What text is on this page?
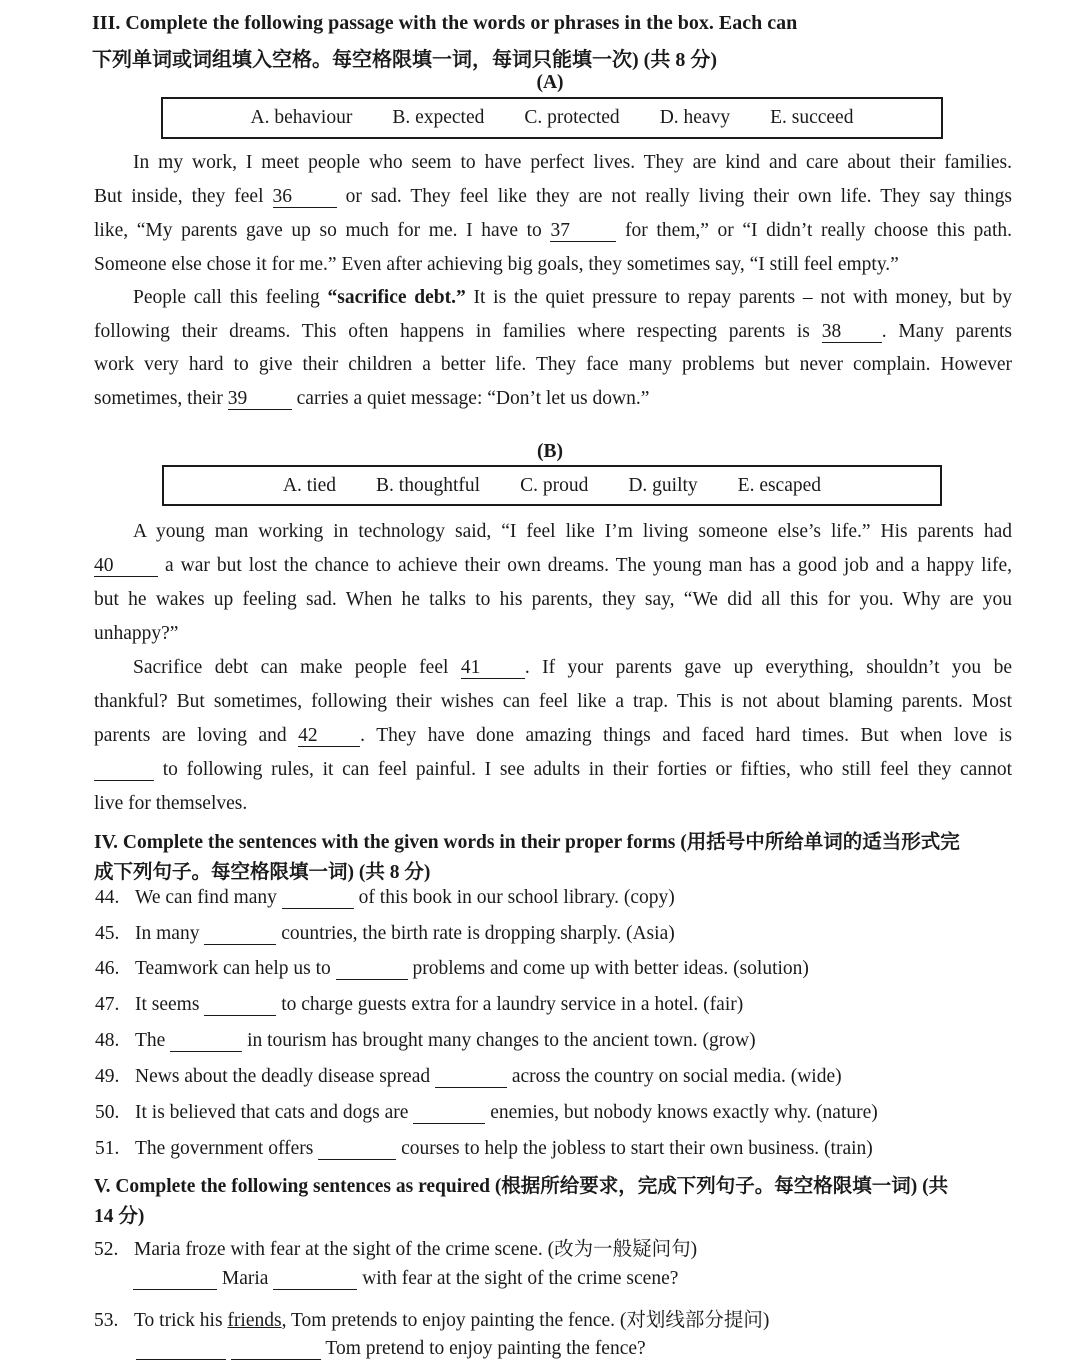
III. Complete the following passage with the words or phrases in the box. Each can
下列单词或词组填入空格。每空格限填一词，每词只能填一次) (共 8 分)
(A)
A. behaviour B. expected C. protected D. heavy E. succeed
In my work, I meet people who seem to have perfect lives. They are kind and care about their families.
But inside, they feel 36	or sad. They feel like they are not really living their own life. They say things
like, “My parents gave up so much for me. I have to 37	for them,” or “I didn’t really choose this path.
Someone else chose it for me.” Even after achieving big goals, they sometimes say, “I still feel empty.”
People call this feeling “sacrifice debt.” It is the quiet pressure to repay parents – not with money, but by
following their dreams. This often happens in families where respecting parents is 38 . Many parents
work very hard to give their children a better life. They face many problems but never complain. However
sometimes, their 39	carries a quiet message: “Don’t let us down.”
(B)
A. tied B. thoughtful C. proud D. guilty E. escaped
A young man working in technology said, “I feel like I’m living someone else’s life.” His parents had
40	a war but lost the chance to achieve their own dreams. The young man has a good job and a happy life,
but he wakes up feeling sad. When he talks to his parents, they say, “We did all this for you. Why are you
unhappy?”
Sacrifice debt can make people feel 41 . If your parents gave up everything, shouldn’t you be
thankful? But sometimes, following their wishes can feel like a trap. This is not about blaming parents. Most
parents are loving and 42 . They have done amazing things and faced hard times. But when love is
to following rules, it can feel painful. I see adults in their forties or fifties, who still feel they cannot
live for themselves.
IV. Complete the sentences with the given words in their proper forms (用括号中所给单词的适当形式完
成下列句子。每空格限填一词) (共 8 分)
44. We can find many	of this book in our school library. (copy)
45. In many	countries, the birth rate is dropping sharply. (Asia)
46. Teamwork can help us to	problems and come up with better ideas. (solution)
47. It seems	to charge guests extra for a laundry service in a hotel. (fair)
48. The	in tourism has brought many changes to the ancient town. (grow)
49. News about the deadly disease spread	across the country on social media. (wide)
50. It is believed that cats and dogs are	enemies, but nobody knows exactly why. (nature)
51. The government offers	courses to help the jobless to start their own business. (train)
V. Complete the following sentences as required (根据所给要求，完成下列句子。每空格限填一词) (共
14 分)
52. Maria froze with fear at the sight of the crime scene. (改为一般疑问句)
Maria	with fear at the sight of the crime scene?
53. To trick his friends, Tom pretends to enjoy painting the fence. (对划线部分提问)
Tom pretend to enjoy painting the fence?
